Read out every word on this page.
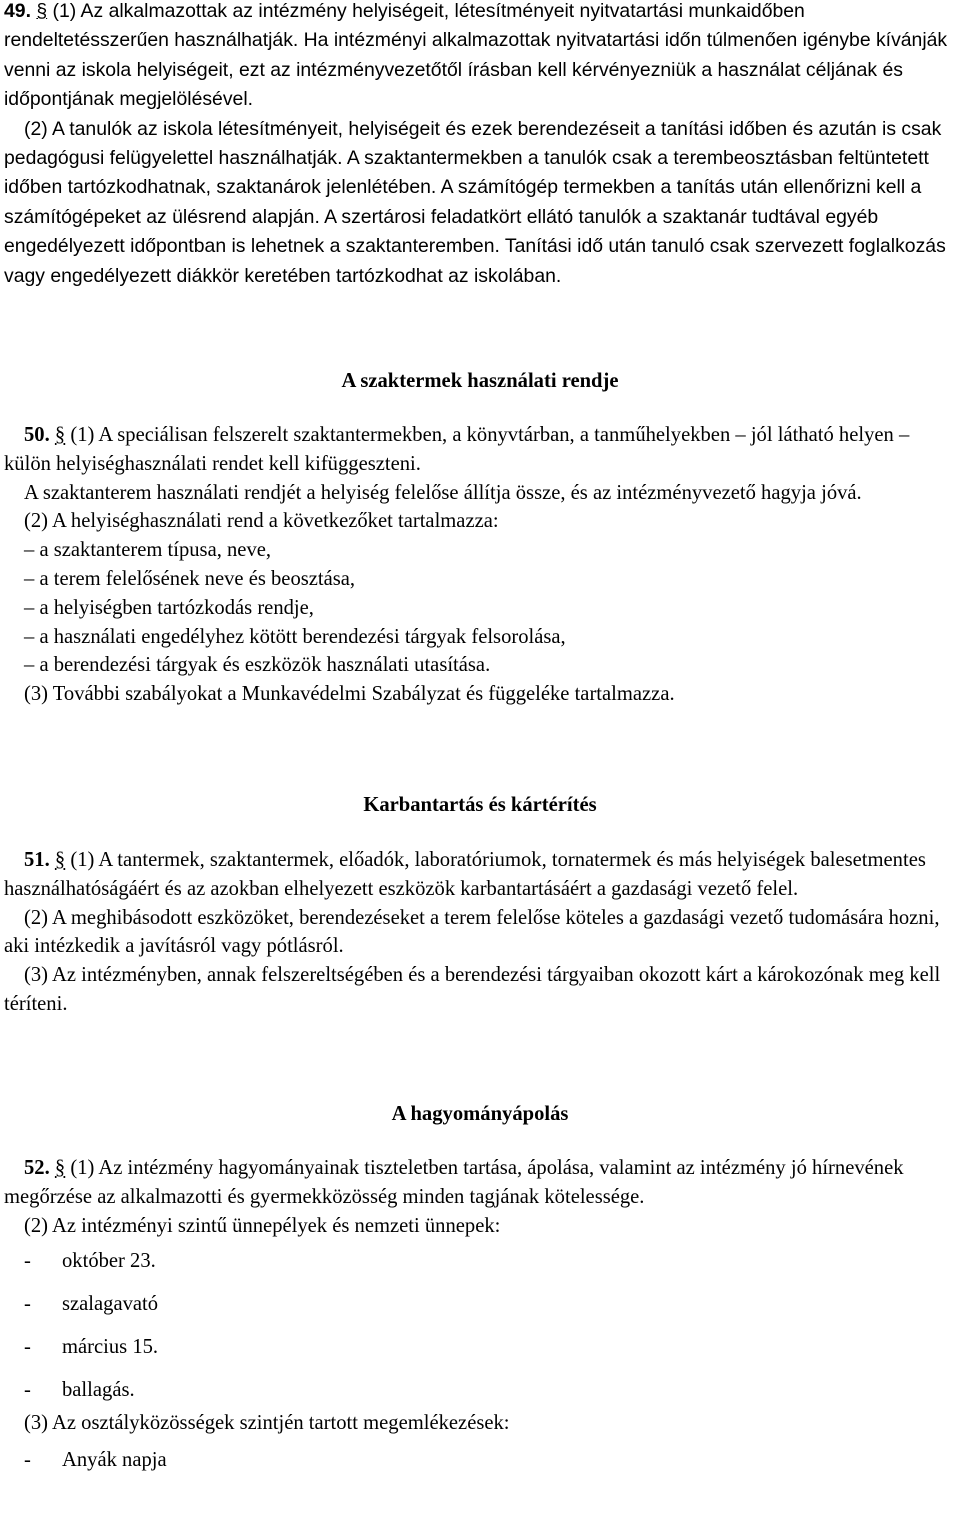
49. § (1) Az alkalmazottak az intézmény helyiségeit, létesítményeit nyitvatartási munkaidőben rendeltetésszerűen használhatják. Ha intézményi alkalmazottak nyitvatartási időn túlmenően igénybe kívánják venni az iskola helyiségeit, ezt az intézményvezetőtől írásban kell kérvényezniük a használat céljának és időpontjának megjelölésével.

(2) A tanulók az iskola létesítményeit, helyiségeit és ezek berendezéseit a tanítási időben és azután is csak pedagógusi felügyelettel használhatják. A szaktantermekben a tanulók csak a terembeosztásban feltüntetett időben tartózkodhatnak, szaktanárok jelenlétében. A számítógép termekben a tanítás után ellenőrizni kell a számítógépeket az ülésrend alapján. A szertárosi feladatkört ellátó tanulók a szaktanár tudtával egyéb engedélyezett időpontban is lehetnek a szaktanteremben. Tanítási idő után tanuló csak szervezett foglalkozás vagy engedélyezett diákkör keretében tartózkodhat az iskolában.

A szaktermek használati rendje

50. § (1) A speciálisan felszerelt szaktantermekben, a könyvtárban, a tanműhelyekben – jól látható helyen – külön helyiséghasználati rendet kell kifüggeszteni.

A szaktanterem használati rendjét a helyiség felelőse állítja össze, és az intézményvezető hagyja jóvá.

(2) A helyiséghasználati rend a következőket tartalmazza:

– a szaktanterem típusa, neve,
– a terem felelősének neve és beosztása,
– a helyiségben tartózkodás rendje,
– a használati engedélyhez kötött berendezési tárgyak felsorolása,
– a berendezési tárgyak és eszközök használati utasítása.

(3) További szabályokat a Munkavédelmi Szabályzat és függeléke tartalmazza.

Karbantartás és kártérítés

51. § (1) A tantermek, szaktantermek, előadók, laboratóriumok, tornatermek és más helyiségek balesetmentes használhatóságáért és az azokban elhelyezett eszközök karbantartásáért a gazdasági vezető felel.

(2) A meghibásodott eszközöket, berendezéseket a terem felelőse köteles a gazdasági vezető tudomására hozni, aki intézkedik a javításról vagy pótlásról.

(3) Az intézményben, annak felszereltségében és a berendezési tárgyaiban okozott kárt a károkozónak meg kell téríteni.

A hagyományápolás

52. § (1) Az intézmény hagyományainak tiszteletben tartása, ápolása, valamint az intézmény jó hírnevének megőrzése az alkalmazotti és gyermekközösség minden tagjának kötelessége.

(2) Az intézményi szintű ünnepélyek és nemzeti ünnepek:

- október 23.
- szalagavató
- március 15.
- ballagás.

(3) Az osztályközösségek szintjén tartott megemlékezések:

- Anyák napja
